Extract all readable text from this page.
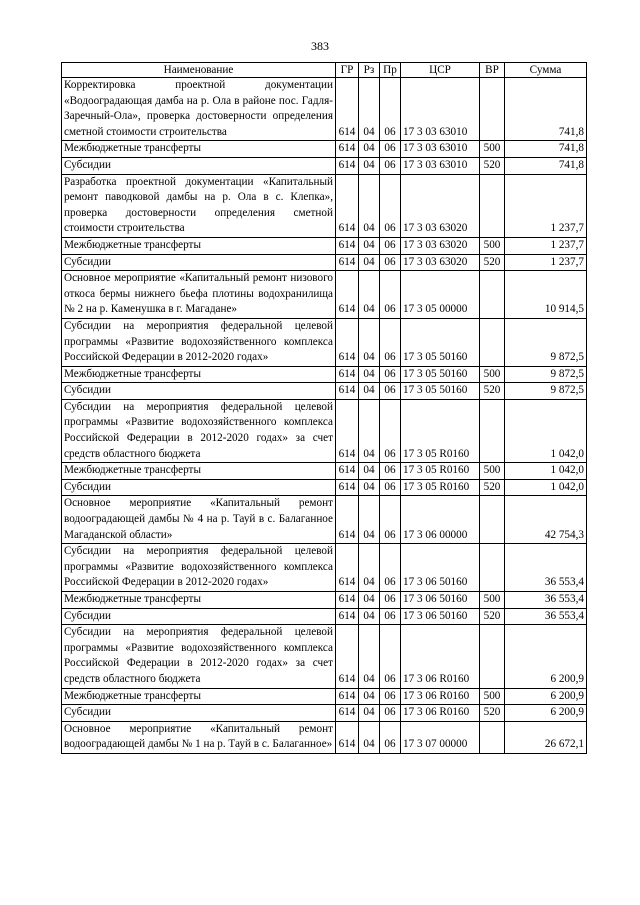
383
Наименование	ГР	Рз	Пр	ЦСР	ВР	Сумма
Корректировка проектной документации «Водооградающая дамба на р. Ола в районе пос. Гадля-Заречный-Ола», проверка достоверности определения сметной стоимости строительства	614	04	06	17 3 03 63010		741,8
Межбюджетные трансферты	614	04	06	17 3 03 63010	500	741,8
Субсидии	614	04	06	17 3 03 63010	520	741,8
Разработка проектной документации «Капитальный ремонт паводковой дамбы на р. Ола в с. Клепка», проверка достоверности определения сметной стоимости строительства	614	04	06	17 3 03 63020		1 237,7
Межбюджетные трансферты	614	04	06	17 3 03 63020	500	1 237,7
Субсидии	614	04	06	17 3 03 63020	520	1 237,7
Основное мероприятие «Капитальный ремонт низового откоса бермы нижнего бьефа плотины водохранилища № 2 на р. Каменушка в г. Магадане»	614	04	06	17 3 05 00000		10 914,5
Субсидии на мероприятия федеральной целевой программы «Развитие водохозяйственного комплекса Российской Федерации в 2012-2020 годах»	614	04	06	17 3 05 50160		9 872,5
Межбюджетные трансферты	614	04	06	17 3 05 50160	500	9 872,5
Субсидии	614	04	06	17 3 05 50160	520	9 872,5
Субсидии на мероприятия федеральной целевой программы «Развитие водохозяйственного комплекса Российской Федерации в 2012-2020 годах» за счет средств областного бюджета	614	04	06	17 3 05 R0160		1 042,0
Межбюджетные трансферты	614	04	06	17 3 05 R0160	500	1 042,0
Субсидии	614	04	06	17 3 05 R0160	520	1 042,0
Основное мероприятие «Капитальный ремонт водооградающей дамбы № 4 на р. Тауй в с. Балаганное Магаданской области»	614	04	06	17 3 06 00000		42 754,3
Субсидии на мероприятия федеральной целевой программы «Развитие водохозяйственного комплекса Российской Федерации в 2012-2020 годах»	614	04	06	17 3 06 50160		36 553,4
Межбюджетные трансферты	614	04	06	17 3 06 50160	500	36 553,4
Субсидии	614	04	06	17 3 06 50160	520	36 553,4
Субсидии на мероприятия федеральной целевой программы «Развитие водохозяйственного комплекса Российской Федерации в 2012-2020 годах» за счет средств областного бюджета	614	04	06	17 3 06 R0160		6 200,9
Межбюджетные трансферты	614	04	06	17 3 06 R0160	500	6 200,9
Субсидии	614	04	06	17 3 06 R0160	520	6 200,9
Основное мероприятие «Капитальный ремонт водооградающей дамбы № 1 на р. Тауй в с. Балаганное»	614	04	06	17 3 07 00000		26 672,1
